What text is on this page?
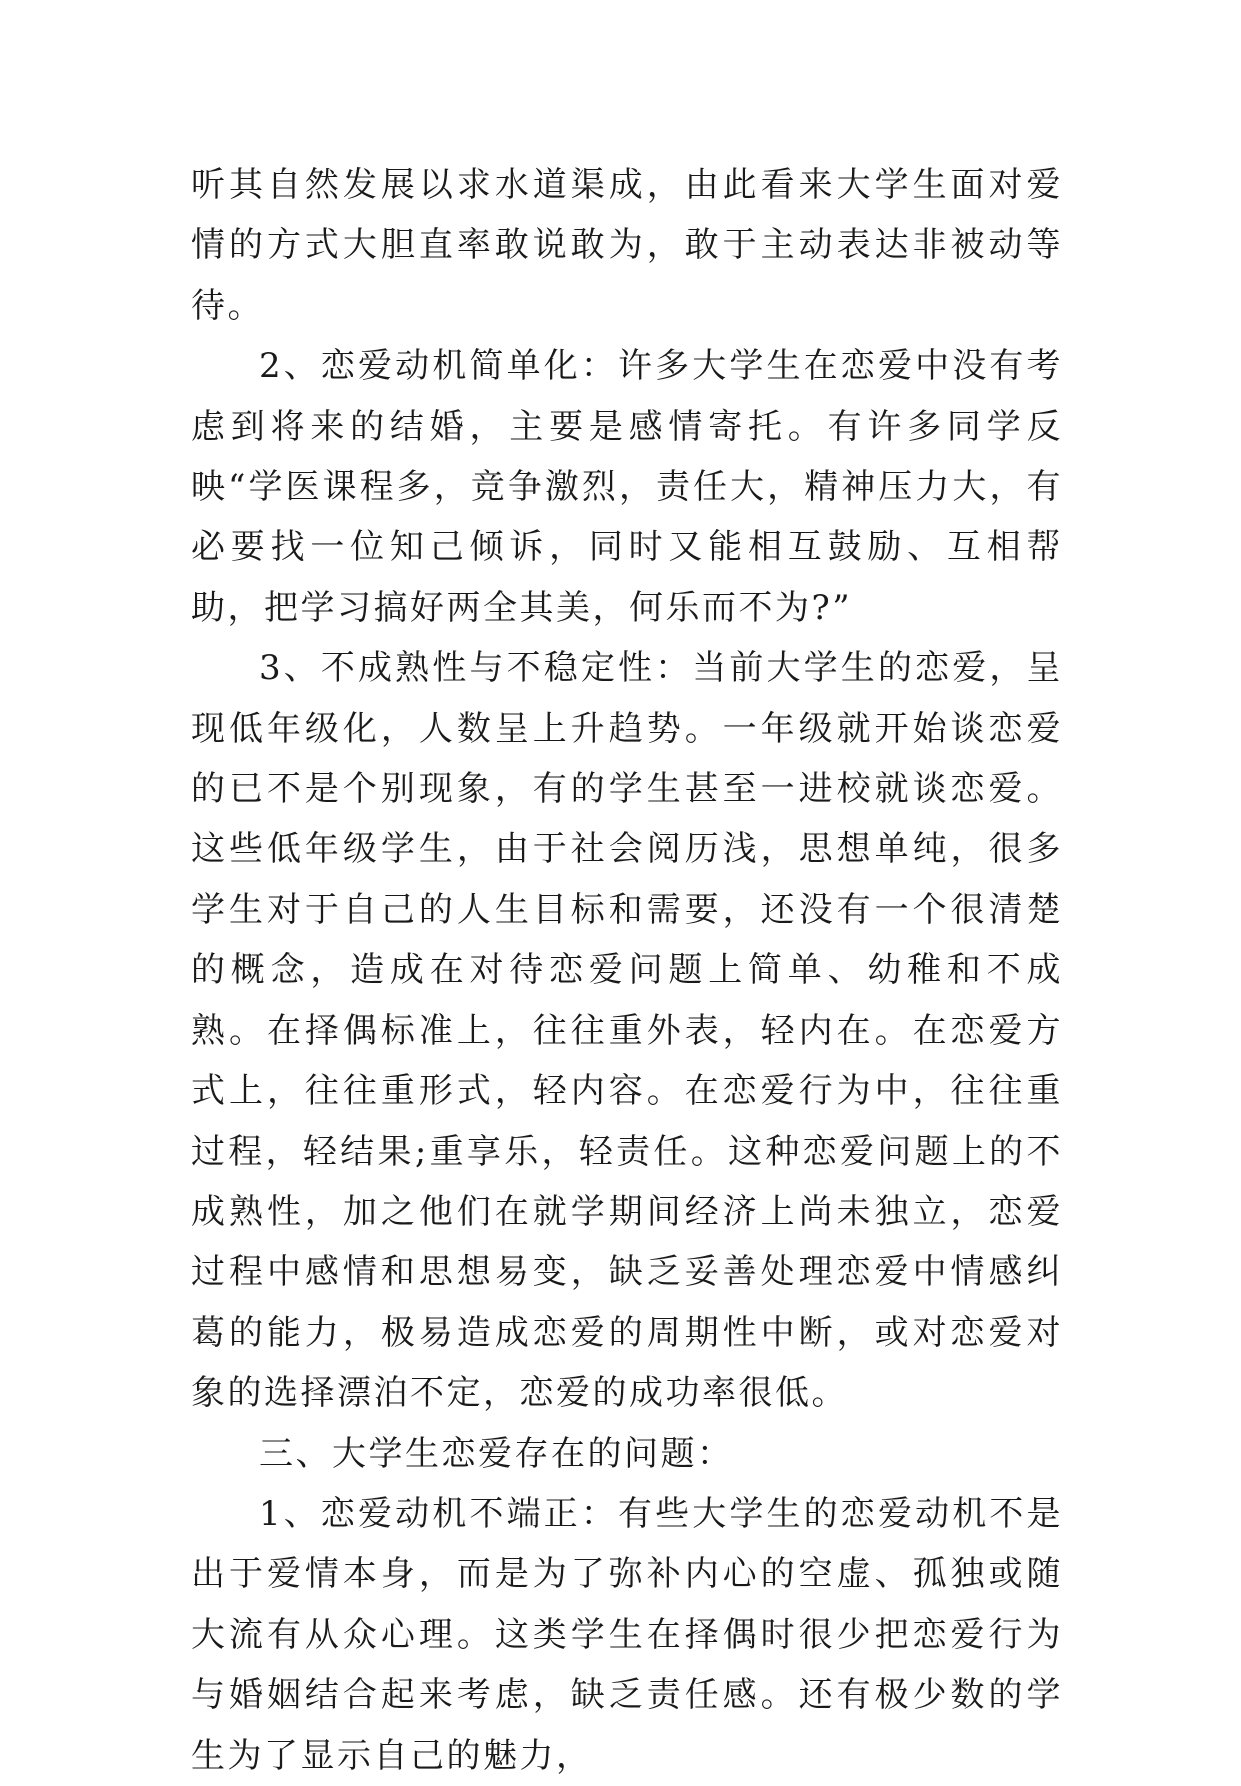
听其自然发展以求水道渠成，由此看来大学生面对爱情的方式大胆直率敢说敢为，敢于主动表达非被动等待。

2、恋爱动机简单化：许多大学生在恋爱中没有考虑到将来的结婚，主要是感情寄托。有许多同学反映“学医课程多，竞争激烈，责任大，精神压力大，有必要找一位知己倾诉，同时又能相互鼓励、互相帮助，把学习搞好两全其美，何乐而不为?”

3、不成熟性与不稳定性：当前大学生的恋爱，呈现低年级化，人数呈上升趋势。一年级就开始谈恋爱的已不是个别现象，有的学生甚至一进校就谈恋爱。这些低年级学生，由于社会阅历浅，思想单纯，很多学生对于自己的人生目标和需要，还没有一个很清楚的概念，造成在对待恋爱问题上简单、幼稚和不成熟。在择偶标准上，往往重外表，轻内在。在恋爱方式上，往往重形式，轻内容。在恋爱行为中，往往重过程，轻结果;重享乐，轻责任。这种恋爱问题上的不成熟性，加之他们在就学期间经济上尚未独立，恋爱过程中感情和思想易变，缺乏妥善处理恋爱中情感纠葛的能力，极易造成恋爱的周期性中断，或对恋爱对象的选择漂泊不定，恋爱的成功率很低。

三、大学生恋爱存在的问题：

1、恋爱动机不端正：有些大学生的恋爱动机不是出于爱情本身，而是为了弥补内心的空虚、孤独或随大流有从众心理。这类学生在择偶时很少把恋爱行为与婚姻结合起来考虑，缺乏责任感。还有极少数的学生为了显示自己的魅力，
